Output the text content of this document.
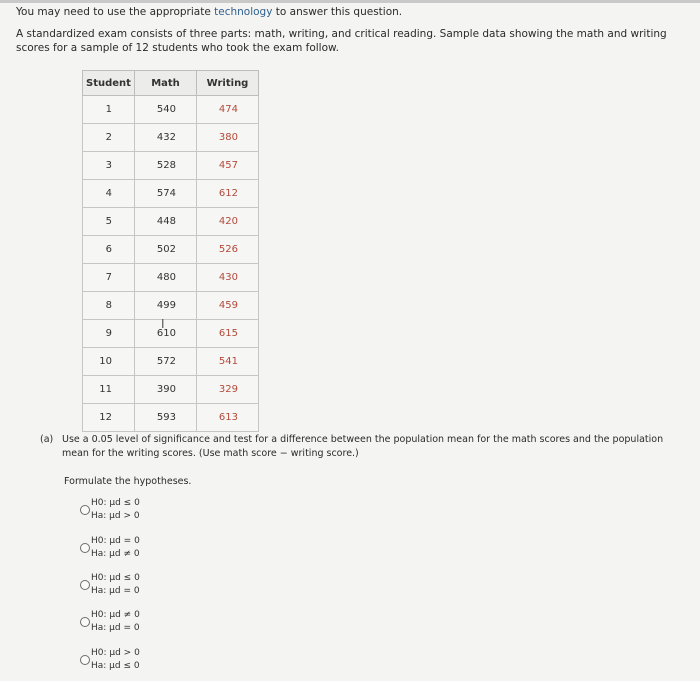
You may need to use the appropriate technology to answer this question.
A standardized exam consists of three parts: math, writing, and critical reading. Sample data showing the math and writing scores for a sample of 12 students who took the exam follow.
Student	Math	Writing
1	540	474
2	432	380
3	528	457
4	574	612
5	448	420
6	502	526
7	480	430
8	499	459
9	610	615
10	572	541
11	390	329
12	593	613
I
(a) Use a 0.05 level of significance and test for a difference between the population mean for the math scores and the population mean for the writing scores. (Use math score − writing score.)
Formulate the hypotheses.
H0: μd ≤ 0
Ha: μd > 0
H0: μd = 0
Ha: μd ≠ 0
H0: μd ≤ 0
Ha: μd = 0
H0: μd ≠ 0
Ha: μd = 0
H0: μd > 0
Ha: μd ≤ 0
